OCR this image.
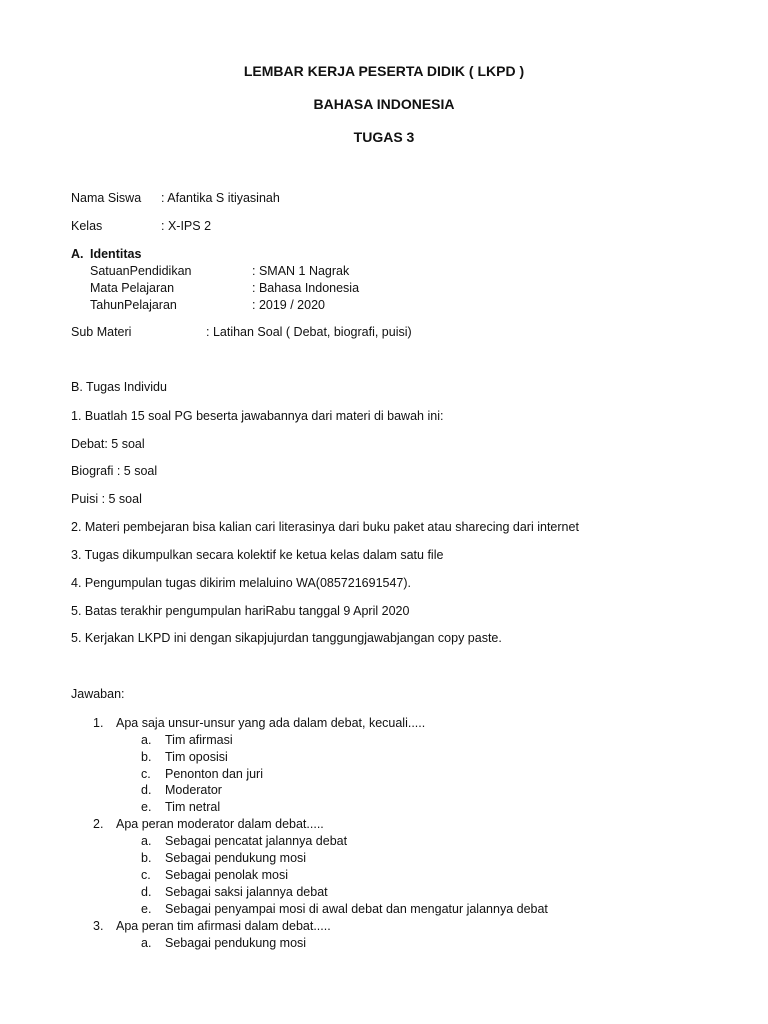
LEMBAR KERJA PESERTA DIDIK ( LKPD )
BAHASA INDONESIA
TUGAS 3
Nama Siswa : Afantika S itiyasinah
Kelas	: X-IPS 2
A. Identitas
SatuanPendidikan	: SMAN 1 Nagrak
Mata Pelajaran	: Bahasa Indonesia
TahunPelajaran	: 2019 / 2020
Sub Materi	: Latihan Soal ( Debat, biografi, puisi)
B. Tugas Individu
1. Buatlah 15 soal PG beserta jawabannya dari materi di bawah ini:
Debat: 5 soal
Biografi : 5 soal
Puisi : 5 soal
2. Materi pembejaran bisa kalian cari literasinya dari buku paket atau sharecing dari internet
3. Tugas dikumpulkan secara kolektif ke ketua kelas dalam satu file
4. Pengumpulan tugas dikirim melaluino WA(085721691547).
5. Batas terakhir pengumpulan hariRabu tanggal 9 April 2020
5. Kerjakan LKPD ini dengan sikapjujurdan tanggungjawabjangan copy paste.
Jawaban:
1. Apa saja unsur-unsur yang ada dalam debat, kecuali.....
a. Tim afirmasi
b. Tim oposisi
c. Penonton dan juri
d. Moderator
e. Tim netral
2. Apa peran moderator dalam debat.....
a. Sebagai pencatat jalannya debat
b. Sebagai pendukung mosi
c. Sebagai penolak mosi
d. Sebagai saksi jalannya debat
e. Sebagai penyampai mosi di awal debat dan mengatur jalannya debat
3. Apa peran tim afirmasi dalam debat.....
a. Sebagai pendukung mosi
